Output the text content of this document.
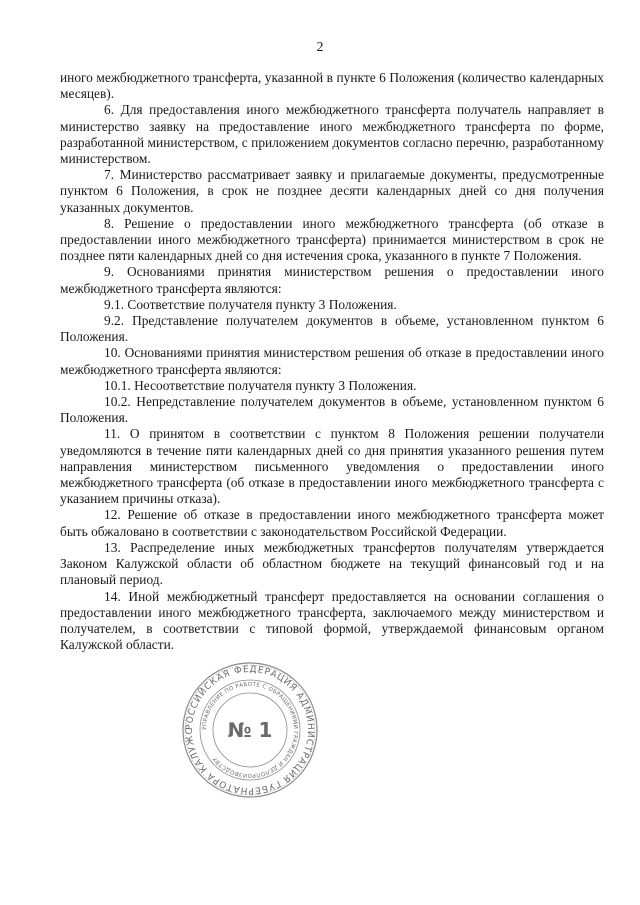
2

иного межбюджетного трансферта, указанной в пункте 6 Положения (количество календарных месяцев).

6. Для предоставления иного межбюджетного трансферта получатель направляет в министерство заявку на предоставление иного межбюджетного трансферта по форме, разработанной министерством, с приложением документов согласно перечню, разработанному министерством.

7. Министерство рассматривает заявку и прилагаемые документы, предусмотренные пунктом 6 Положения, в срок не позднее десяти календарных дней со дня получения указанных документов.

8. Решение о предоставлении иного межбюджетного трансферта (об отказе в предоставлении иного межбюджетного трансферта) принимается министерством в срок не позднее пяти календарных дней со дня истечения срока, указанного в пункте 7 Положения.

9. Основаниями принятия министерством решения о предоставлении иного межбюджетного трансферта являются:

9.1. Соответствие получателя пункту 3 Положения.

9.2. Представление получателем документов в объеме, установленном пунктом 6 Положения.

10. Основаниями принятия министерством решения об отказе в предоставлении иного межбюджетного трансферта являются:

10.1. Несоответствие получателя пункту 3 Положения.

10.2. Непредставление получателем документов в объеме, установленном пунктом 6 Положения.

11. О принятом в соответствии с пунктом 8 Положения решении получатели уведомляются в течение пяти календарных дней со дня принятия указанного решения путем направления министерством письменного уведомления о предоставлении иного межбюджетного трансферта (об отказе в предоставлении иного межбюджетного трансферта с указанием причины отказа).

12. Решение об отказе в предоставлении иного межбюджетного трансферта может быть обжаловано в соответствии с законодательством Российской Федерации.

13. Распределение иных межбюджетных трансфертов получателям утверждается Законом Калужской области об областном бюджете на текущий финансовый год и на плановый период.

14. Иной межбюджетный трансферт предоставляется на основании соглашения о предоставлении иного межбюджетного трансферта, заключаемого между министерством и получателем, в соответствии с типовой формой, утверждаемой финансовым органом Калужской области.

РОССИЙСКАЯ ФЕДЕРАЦИЯ АДМИНИСТРАЦИЯ ГУБЕРНАТОРА КАЛУЖС	УПРАВЛЕНИЕ ПО РАБОТЕ С ОБРАЩЕНИЯМИ ГРАЖДАН И ДЕЛОПРОИЗВОДСТВУ
№ 1
